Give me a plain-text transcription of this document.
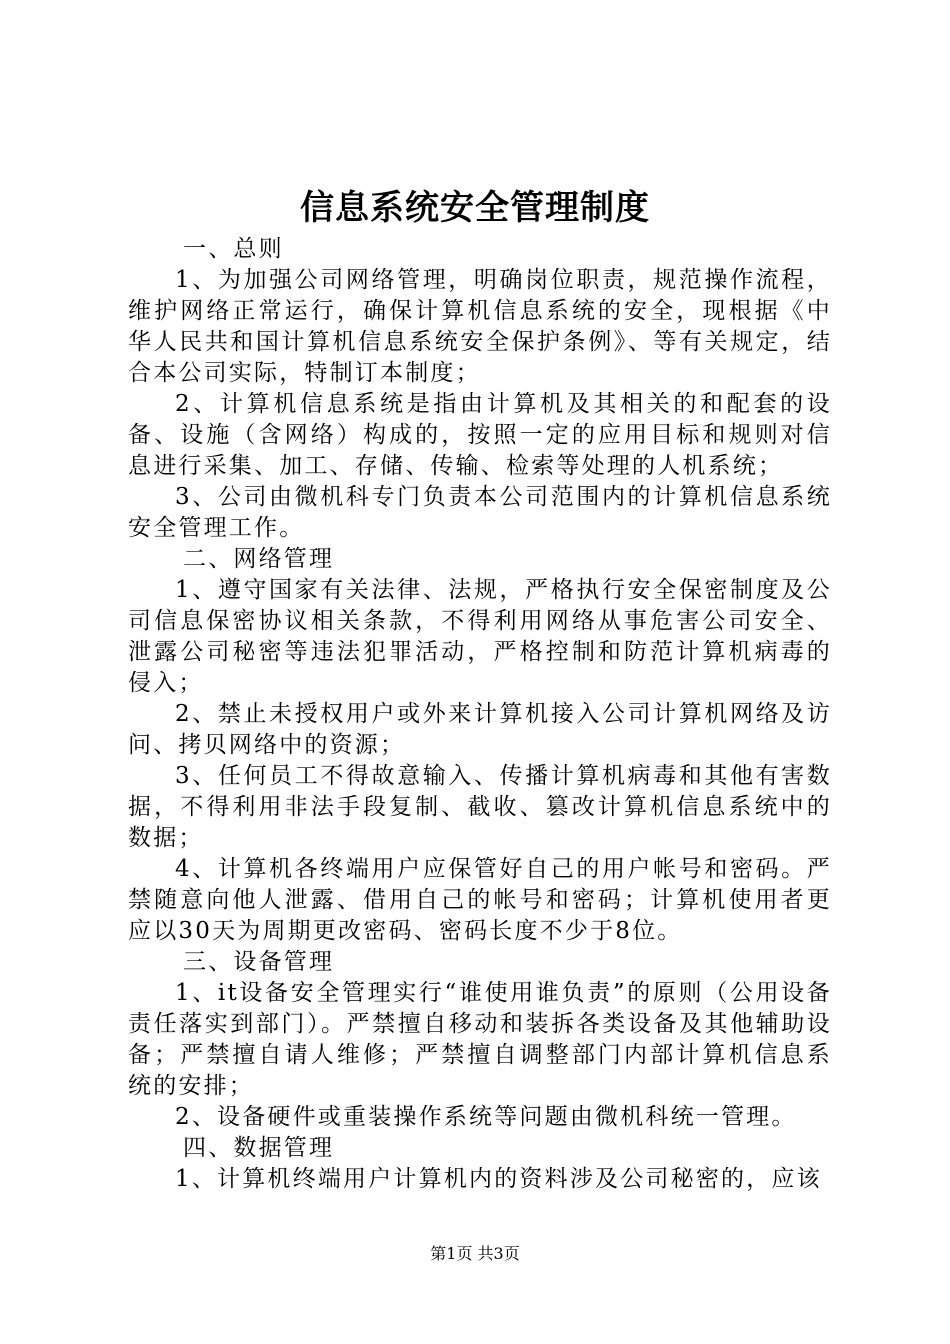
信息系统安全管理制度

一、总则

1、为加强公司网络管理，明确岗位职责，规范操作流程，维护网络正常运行，确保计算机信息系统的安全，现根据《中华人民共和国计算机信息系统安全保护条例》、等有关规定，结合本公司实际，特制订本制度；

2、计算机信息系统是指由计算机及其相关的和配套的设备、设施（含网络）构成的，按照一定的应用目标和规则对信息进行采集、加工、存储、传输、检索等处理的人机系统；

3、公司由微机科专门负责本公司范围内的计算机信息系统安全管理工作。

二、网络管理

1、遵守国家有关法律、法规，严格执行安全保密制度及公司信息保密协议相关条款，不得利用网络从事危害公司安全、泄露公司秘密等违法犯罪活动，严格控制和防范计算机病毒的侵入；

2、禁止未授权用户或外来计算机接入公司计算机网络及访问、拷贝网络中的资源；

3、任何员工不得故意输入、传播计算机病毒和其他有害数据，不得利用非法手段复制、截收、篡改计算机信息系统中的数据；

4、计算机各终端用户应保管好自己的用户帐号和密码。严禁随意向他人泄露、借用自己的帐号和密码；计算机使用者更应以30天为周期更改密码、密码长度不少于8位。

三、设备管理

1、it设备安全管理实行“谁使用谁负责”的原则（公用设备责任落实到部门）。严禁擅自移动和装拆各类设备及其他辅助设备；严禁擅自请人维修；严禁擅自调整部门内部计算机信息系统的安排；

2、设备硬件或重装操作系统等问题由微机科统一管理。

四、数据管理

1、计算机终端用户计算机内的资料涉及公司秘密的，应该

第1页 共3页
